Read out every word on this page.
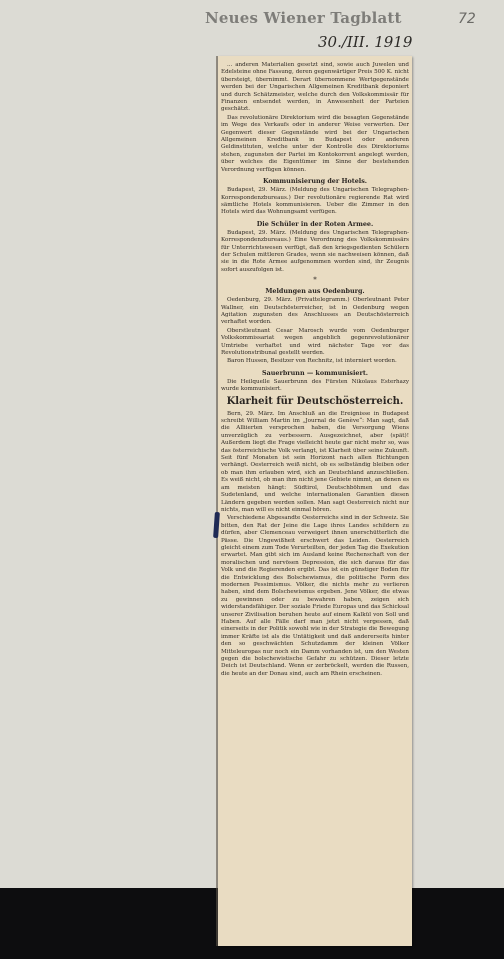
Neues Wiener Tagblatt	72
30./III. 1919

... anderen Materialien gesetzt sind, sowie auch Juwelen und Edelsteine ohne Fassung, deren gegenwärtiger Preis 500 K. nicht übersteigt, übernimmt. Derart übernommene Wertgegenstände werden bei der Ungarischen Allgemeinen Kreditbank deponiert und durch Schätzmeister, welche durch den Volkskommissär für Finanzen entsendet werden, in Anwesenheit der Parteien geschätzt.

Das revolutionäre Direktorium wird die besagten Gegenstände im Wege des Verkaufs oder in anderer Weise verwerten. Der Gegenwert dieser Gegenstände wird bei der Ungarischen Allgemeinen Kreditbank in Budapest oder anderen Geldinstituten, welche unter der Kontrolle des Direktoriums stehen, zugunsten der Partei im Kontokorrent angelegt werden, über welches die Eigentümer im Sinne der bestehenden Verordnung verfügen können.

Kommunisierung der Hotels.

Budapest, 29. März. (Meldung des Ungarischen Telegraphen-Korrespondenzbureaus.) Der revolutionäre regierende Rat wird sämtliche Hotels kommunisieren. Ueber die Zimmer in den Hotels wird das Wohnungsamt verfügen.

Die Schüler in der Roten Armee.

Budapest, 29. März. (Meldung des Ungarischen Telegraphen-Korrespondenzbureaus.) Eine Verordnung des Volkskommissärs für Unterrichtswesen verfügt, daß den kriegsgedienten Schülern der Schulen mittleren Grades, wenn sie nachweisen können, daß sie in die Rote Armee aufgenommen worden sind, ihr Zeugnis sofort auszufolgen ist.

*
Meldungen aus Oedenburg.

Oedenburg, 29. März. (Privattelegramm.) Oberleutnant Peter Wallner, ein Deutschösterreicher, ist in Oedenburg wegen Agitation zugunsten des Anschlusses an Deutschösterreich verhaftet worden.

Oberstleutnant Cesar Marosch wurde vom Oedenburger Volkskommissariat wegen angeblich gegenrevolutionärer Umtriebe verhaftet und wird nächster Tage vor das Revolutionstribunal gestellt werden.

Baron Hussen, Besitzer von Rechnitz, ist interniert worden.

Sauerbrunn — kommunisiert.

Die Heilquelle Sauerbrunn des Fürsten Nikolaus Esterhazy wurde kommunisiert.

Klarheit für Deutschösterreich.

Bern, 29. März. Im Anschluß an die Ereignisse in Budapest schreibt William Martin im „Journal de Genève“: Man sagt, daß die Alliierten versprochen haben, die Versorgung Wiens unverzüglich zu verbessern. Ausgezeichnet, aber (spät)! Außerdem liegt die Frage vielleicht heute gar nicht mehr so, was das österreichische Volk verlangt, ist Klarheit über seine Zukunft. Seit fünf Monaten ist sein Horizont nach allen Richtungen verhängt. Oesterreich weiß nicht, ob es selbständig bleiben oder ob man ihm erlauben wird, sich an Deutschland anzuschließen. Es weiß nicht, ob man ihm nicht jene Gebiete nimmt, an denen es am meisten hängt: Südtirol, Deutschböhmen und das Sudetenland, und welche internationalen Garantien diesen Ländern gegeben werden sollen. Man sagt Oesterreich nicht nur nichts, man will es nicht einmal hören.

Verschiedene Abgesandte Oesterreichs sind in der Schweiz. Sie bitten, den Rat der Jeine die Lage ihres Landes schildern zu dürfen, aber Clemenceau verweigert ihnen unerschütterlich die Pässe. Die Ungewißheit erschwert das Leiden. Oesterreich gleicht einem zum Tode Verurteilten, der jeden Tag die Exekution erwartet. Man gibt sich im Ausland keine Rechenschaft von der moralischen und nervösen Depression, die sich daraus für das Volk und die Regierenden ergibt. Das ist ein günstiger Boden für die Entwicklung des Bolschewismus, die politische Form des modernen Pessimismus. Völker, die nichts mehr zu verlieren haben, sind dem Bolschewismus ergeben. Jene Völker, die etwas zu gewinnen oder zu bewahren haben, zeigen sich widerstandsfähiger. Der soziale Friede Europas und das Schicksal unserer Zivilisation beruhen heute auf einem Kalkül von Soll und Haben. Auf alle Fälle darf man jetzt nicht vergessen, daß einerseits in der Politik sowohl wie in der Strategie die Bewegung immer Kräfte ist als die Untätigkeit und daß andererseits hinter den so geschwächten Schutzdamm der kleinen Völker Mitteleuropas nur noch ein Damm vorhanden ist, um den Westen gegen die bolschewistische Gefahr zu schützen. Dieser letzte Deich ist Deutschland. Wenn er zerbröckelt, werden die Russen, die heute an der Donau sind, auch am Rhein erscheinen.
